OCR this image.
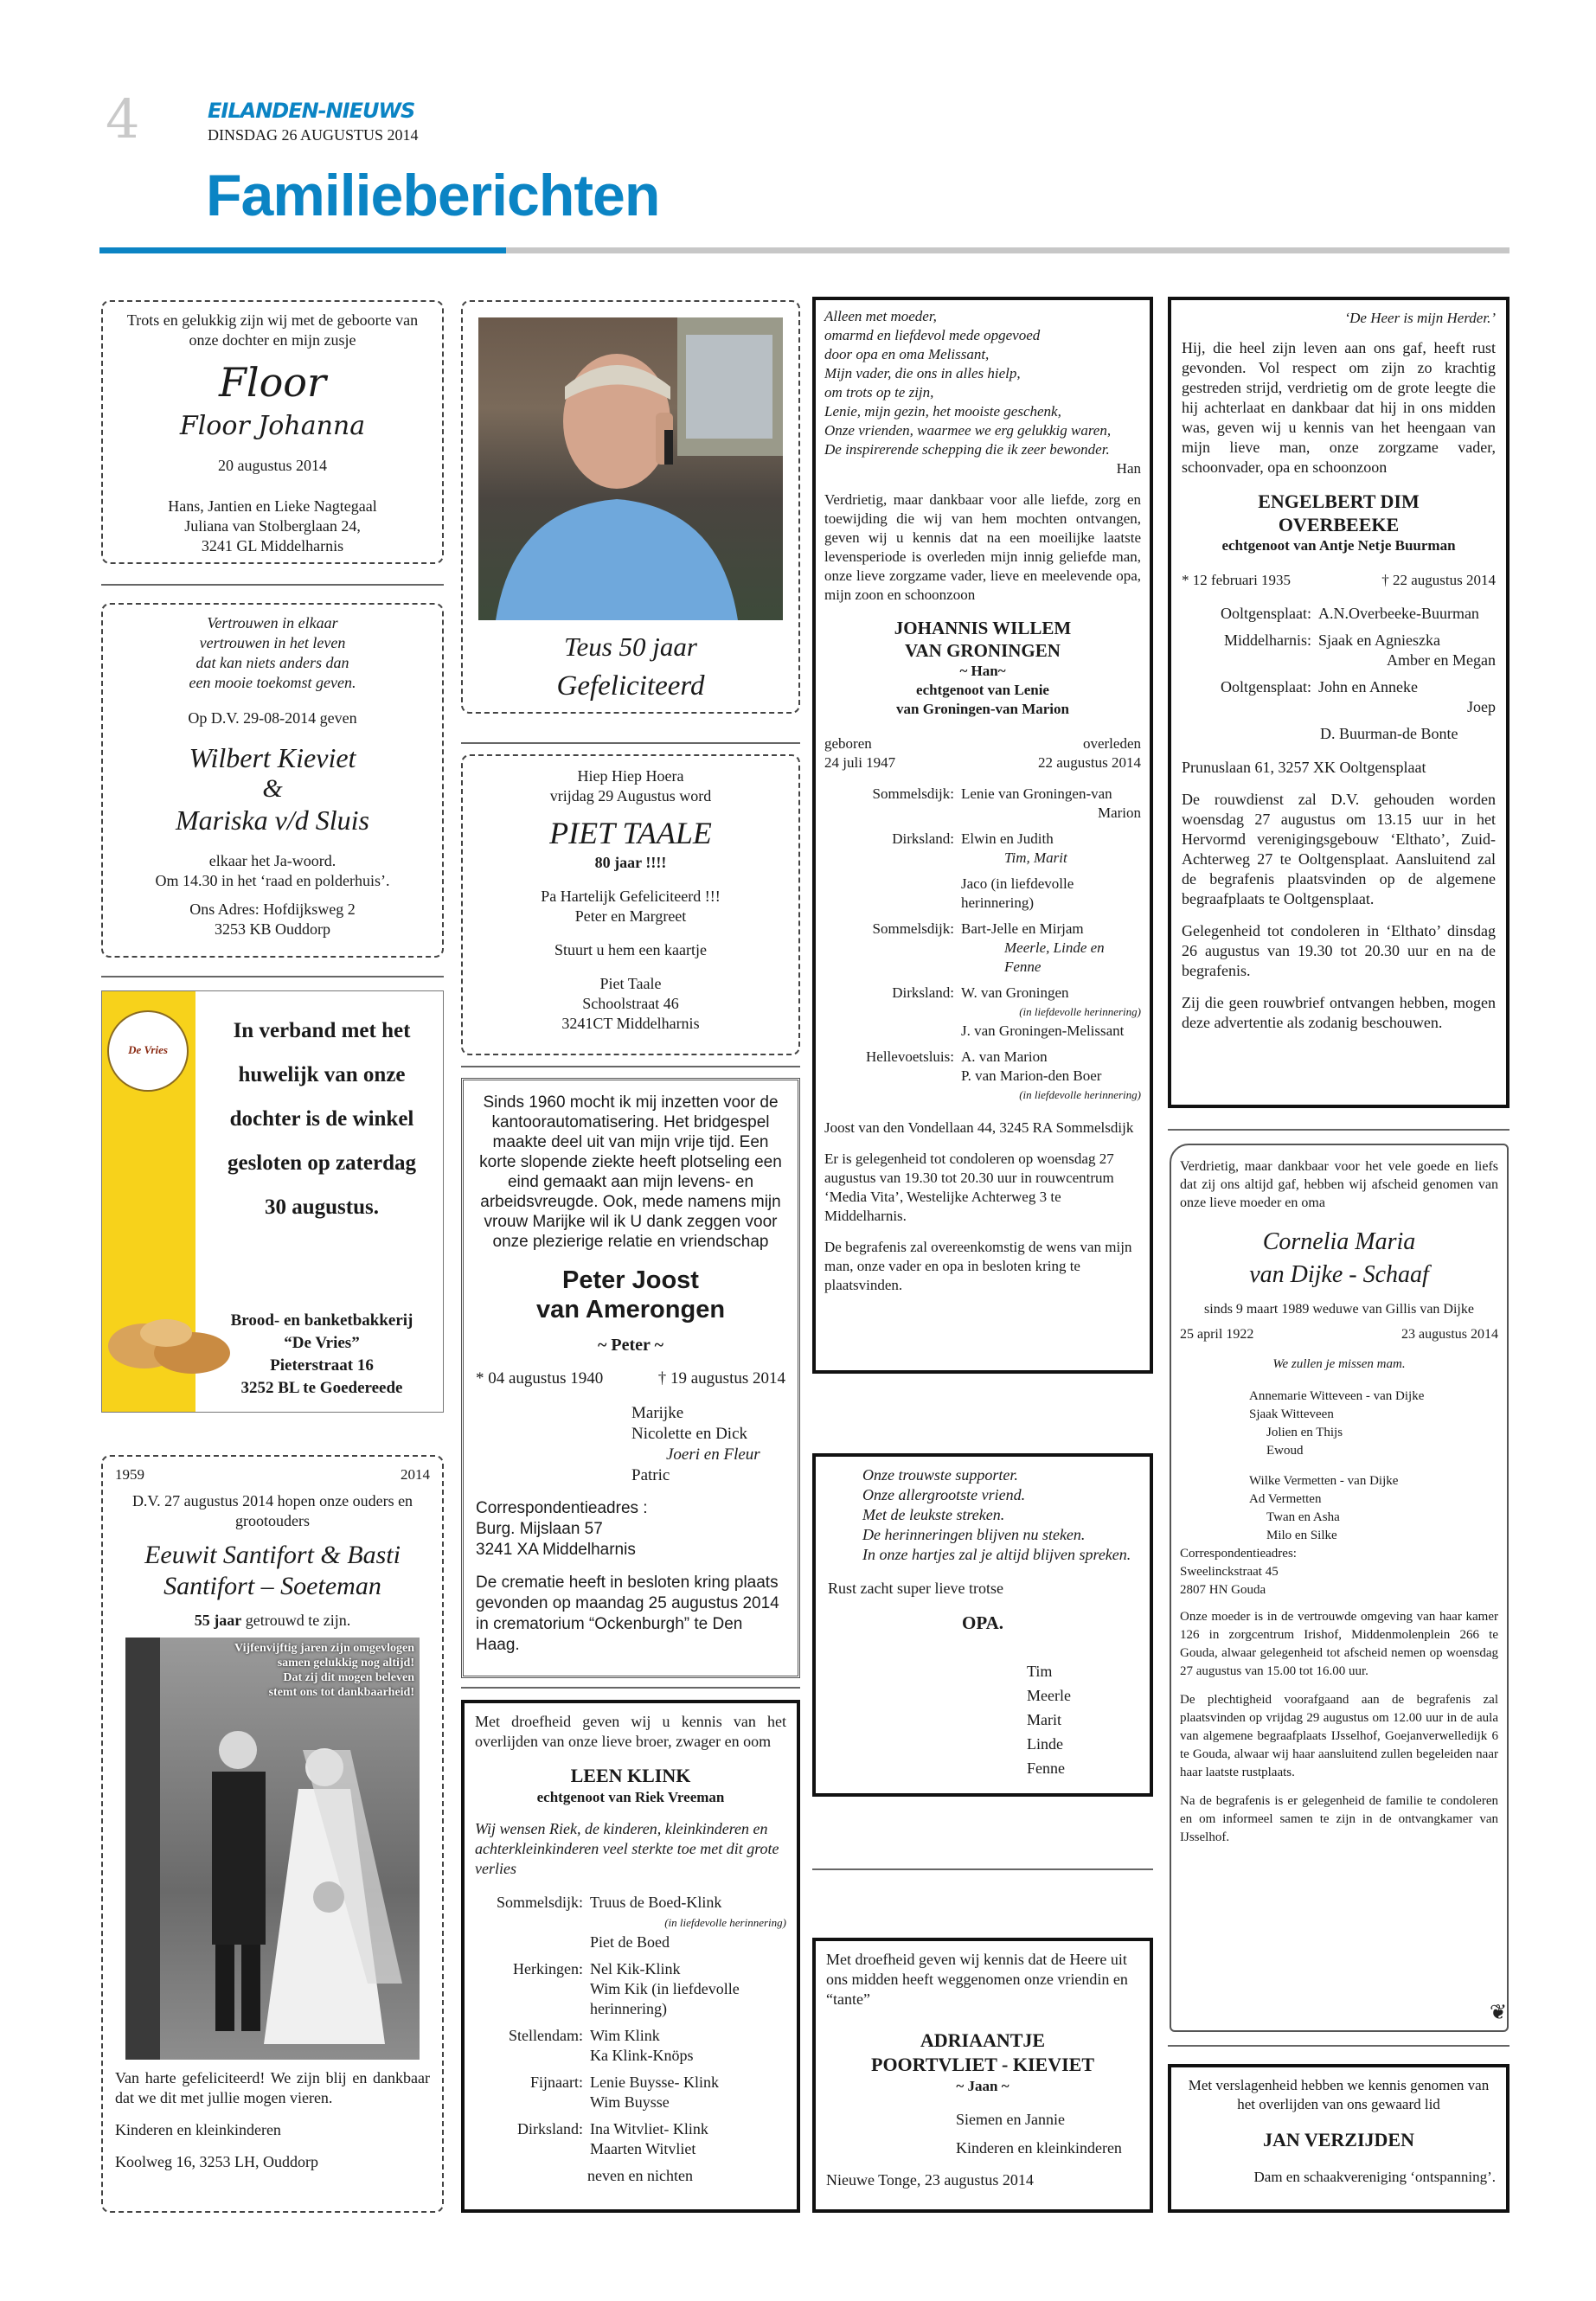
4	EILANDEN-NIEUWS
DINSDAG 26 AUGUSTUS 2014
Familieberichten

Trots en gelukkig zijn wij met de geboorte van onze dochter en mijn zusje

Floor

Floor Johanna

20 augustus 2014

Hans, Jantien en Lieke Nagtegaal

Juliana van Stolberglaan 24,

3241 GL Middelharnis

Vertrouwen in elkaar

vertrouwen in het leven

dat kan niets anders dan

een mooie toekomst geven.

Op D.V. 29-08-2014 geven

Wilbert Kieviet

&

Mariska v/d Sluis

elkaar het Ja-woord.

Om 14.30 in het ‘raad en polderhuis’.

Ons Adres: Hofdijksweg 2

3253 KB Ouddorp

De Vries

In verband met het

huwelijk van onze

dochter is de winkel

gesloten op zaterdag

30 augustus.

Brood- en banketbakkerij

“De Vries”

Pieterstraat 16

3252 BL te Goedereede

1959	2014

D.V. 27 augustus 2014 hopen onze ouders en grootouders

Eeuwit Santifort & Basti

Santifort – Soeteman

55 jaar getrouwd te zijn.

Vijfenvijftig jaren zijn omgevlogen

samen gelukkig nog altijd!

Dat zij dit mogen beleven

stemt ons tot dankbaarheid!

Van harte gefeliciteerd! We zijn blij en dankbaar dat we dit met jullie mogen vieren.

Kinderen en kleinkinderen

Koolweg 16, 3253 LH, Ouddorp

Teus 50 jaar

Gefeliciteerd

Hiep Hiep Hoera

vrijdag 29 Augustus word

PIET TAALE

80 jaar !!!!

Pa Hartelijk Gefeliciteerd !!!

Peter en Margreet

Stuurt u hem een kaartje

Piet Taale

Schoolstraat 46

3241CT Middelharnis

Sinds 1960 mocht ik mij inzetten voor de kantoorautomatisering. Het bridgespel maakte deel uit van mijn vrije tijd. Een korte slopende ziekte heeft plotseling een eind gemaakt aan mijn levens- en arbeidsvreugde. Ook, mede namens mijn vrouw Marijke wil ik U dank zeggen voor onze plezierige relatie en vriendschap

Peter Joost

van Amerongen

~ Peter ~

* 04 augustus 1940	† 19 augustus 2014

Marijke

Nicolette en Dick

Joeri en Fleur

Patric

Correspondentieadres :

Burg. Mijslaan 57

3241 XA Middelharnis

De crematie heeft in besloten kring plaats gevonden op maandag 25 augustus 2014 in crematorium “Ockenburgh” te Den Haag.

Met droefheid geven wij u kennis van het overlijden van onze lieve broer, zwager en oom

LEEN KLINK

echtgenoot van Riek Vreeman

Wij wensen Riek, de kinderen, kleinkinderen en achterkleinkinderen veel sterkte toe met dit grote verlies

Sommelsdijk: Truus de Boed-Klink

(in liefdevolle herinnering)

Piet de Boed

Herkingen: Nel Kik-Klink

Wim Kik (in liefdevolle herinnering)

Stellendam: Wim Klink

Ka Klink-Knöps

Fijnaart: Lenie Buysse- Klink

Wim Buysse

Dirksland: Ina Witvliet- Klink

Maarten Witvliet

neven en nichten

Alleen met moeder,

omarmd en liefdevol mede opgevoed

door opa en oma Melissant,

Mijn vader, die ons in alles hielp,

om trots op te zijn,

Lenie, mijn gezin, het mooiste geschenk,

Onze vrienden, waarmee we erg gelukkig waren,

De inspirerende schepping die ik zeer bewonder.

Han

Verdrietig, maar dankbaar voor alle liefde, zorg en toewijding die wij van hem mochten ontvangen, geven wij u kennis dat na een moeilijke laatste levensperiode is overleden mijn innig geliefde man, onze lieve zorgzame vader, lieve en meelevende opa, mijn zoon en schoonzoon

JOHANNIS WILLEM

VAN GRONINGEN

~ Han~

echtgenoot van Lenie

van Groningen-van Marion

geboren	overleden
24 juli 1947	22 augustus 2014
Sommelsdijk: Lenie van Groningen-van

Marion

Dirksland: Elwin en Judith

Tim, Marit

Jaco (in liefdevolle herinnering)

Sommelsdijk: Bart-Jelle en Mirjam

Meerle, Linde en Fenne

Dirksland: W. van Groningen

(in liefdevolle herinnering)

J. van Groningen-Melissant

Hellevoetsluis: A. van Marion

P. van Marion-den Boer

(in liefdevolle herinnering)

Joost van den Vondellaan 44, 3245 RA Sommelsdijk

Er is gelegenheid tot condoleren op woensdag 27 augustus van 19.30 tot 20.30 uur in rouwcentrum ‘Media Vita’, Westelijke Achterweg 3 te Middelharnis.

De begrafenis zal overeenkomstig de wens van mijn man, onze vader en opa in besloten kring te plaatsvinden.

Onze trouwste supporter.

Onze allergrootste vriend.

Met de leukste streken.

De herinneringen blijven nu steken.

In onze hartjes zal je altijd blijven spreken.

Rust zacht super lieve trotse

OPA.

Tim

Meerle

Marit

Linde

Fenne

Met droefheid geven wij kennis dat de Heere uit ons midden heeft weggenomen onze vriendin en “tante”

ADRIAANTJE

POORTVLIET - KIEVIET

~ Jaan ~

Siemen en Jannie

Kinderen en kleinkinderen

Nieuwe Tonge, 23 augustus 2014

‘De Heer is mijn Herder.’

Hij, die heel zijn leven aan ons gaf, heeft rust gevonden. Vol respect om zijn zo krachtig gestreden strijd, verdrietig om de grote leegte die hij achterlaat en dankbaar dat hij in ons midden was, geven wij u kennis van het heengaan van mijn lieve man, onze zorgzame vader, schoonvader, opa en schoonzoon

ENGELBERT DIM

OVERBEEKE

echtgenoot van Antje Netje Buurman

* 12 februari 1935	† 22 augustus 2014
Ooltgensplaat: A.N.Overbeeke-Buurman

Middelharnis: Sjaak en Agnieszka

Amber en Megan

Ooltgensplaat: John en Anneke

Joep

D. Buurman-de Bonte

Prunuslaan 61, 3257 XK Ooltgensplaat

De rouwdienst zal D.V. gehouden worden woensdag 27 augustus om 13.15 uur in het Hervormd verenigingsgebouw ‘Elthato’, Zuid-Achterweg 27 te Ooltgensplaat. Aansluitend zal de begrafenis plaatsvinden op de algemene begraafplaats te Ooltgensplaat.

Gelegenheid tot condoleren in ‘Elthato’ dinsdag 26 augustus van 19.30 tot 20.30 uur en na de begrafenis.

Zij die geen rouwbrief ontvangen hebben, mogen deze advertentie als zodanig beschouwen.

Verdrietig, maar dankbaar voor het vele goede en liefs dat zij ons altijd gaf, hebben wij afscheid genomen van onze lieve moeder en oma

Cornelia Maria

van Dijke - Schaaf

sinds 9 maart 1989 weduwe van Gillis van Dijke

25 april 1922	23 augustus 2014

We zullen je missen mam.

Annemarie Witteveen - van Dijke

Sjaak Witteveen

Jolien en Thijs

Ewoud

Wilke Vermetten - van Dijke

Ad Vermetten

Twan en Asha

Milo en Silke

Correspondentieadres:

Sweelinckstraat 45

2807 HN Gouda

Onze moeder is in de vertrouwde omgeving van haar kamer 126 in zorgcentrum Irishof, Middenmolenplein 266 te Gouda, alwaar gelegenheid tot afscheid nemen op woensdag 27 augustus van 15.00 tot 16.00 uur.

De plechtigheid voorafgaand aan de begrafenis zal plaatsvinden op vrijdag 29 augustus om 12.00 uur in de aula van algemene begraafplaats IJsselhof, Goejanverwelledijk 6 te Gouda, alwaar wij haar aansluitend zullen begeleiden naar haar laatste rustplaats.

Na de begrafenis is er gelegenheid de familie te condoleren en om informeel samen te zijn in de ontvangkamer van IJsselhof.

❦

Met verslagenheid hebben we kennis genomen van het overlijden van ons gewaard lid

JAN VERZIJDEN

Dam en schaakvereniging ‘ontspanning’.
